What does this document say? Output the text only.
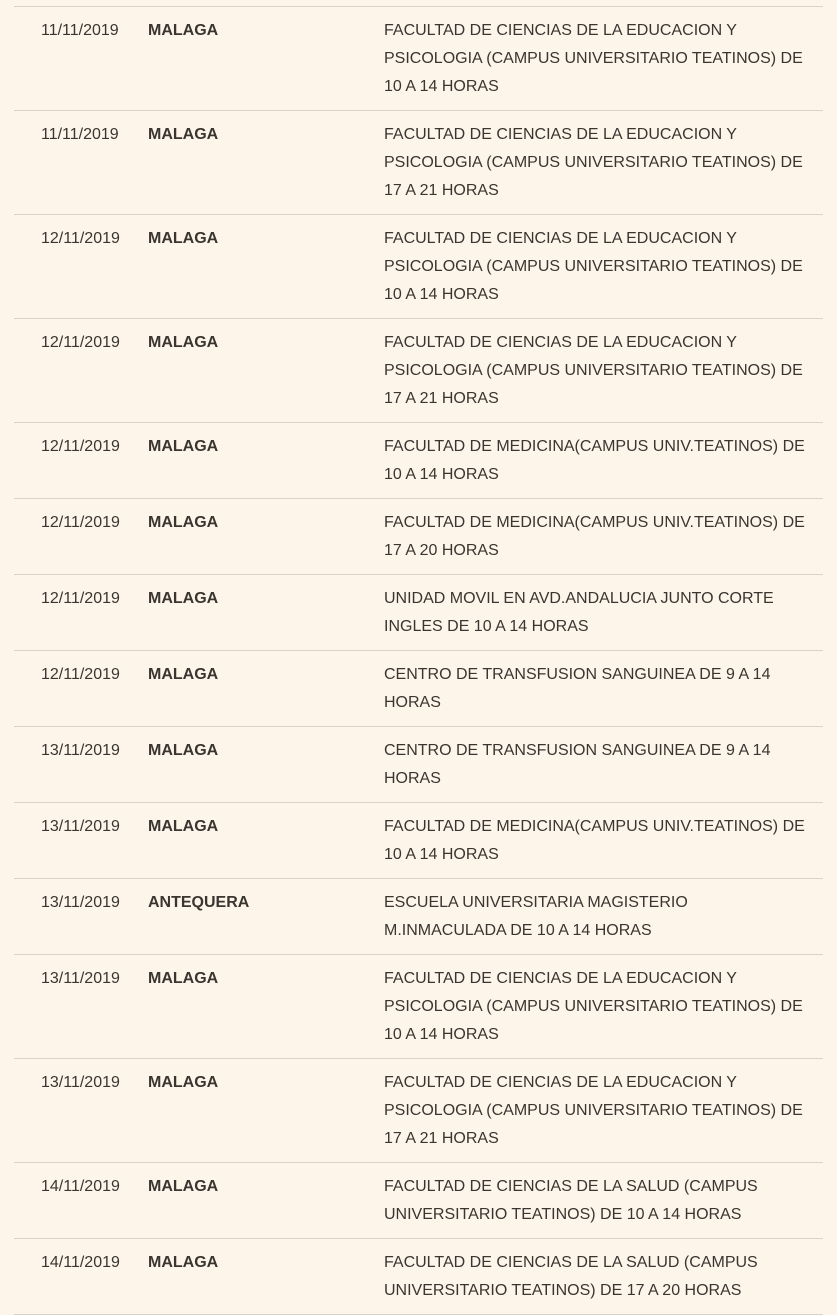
11/11/2019	MALAGA	FACULTAD DE CIENCIAS DE LA EDUCACION Y PSICOLOGIA (CAMPUS UNIVERSITARIO TEATINOS) DE 10 A 14 HORAS
11/11/2019	MALAGA	FACULTAD DE CIENCIAS DE LA EDUCACION Y PSICOLOGIA (CAMPUS UNIVERSITARIO TEATINOS) DE 17 A 21 HORAS
12/11/2019	MALAGA	FACULTAD DE CIENCIAS DE LA EDUCACION Y PSICOLOGIA (CAMPUS UNIVERSITARIO TEATINOS) DE 10 A 14 HORAS
12/11/2019	MALAGA	FACULTAD DE CIENCIAS DE LA EDUCACION Y PSICOLOGIA (CAMPUS UNIVERSITARIO TEATINOS) DE 17 A 21 HORAS
12/11/2019	MALAGA	FACULTAD DE MEDICINA(CAMPUS UNIV.TEATINOS) DE 10 A 14 HORAS
12/11/2019	MALAGA	FACULTAD DE MEDICINA(CAMPUS UNIV.TEATINOS) DE 17 A 20 HORAS
12/11/2019	MALAGA	UNIDAD MOVIL EN AVD.ANDALUCIA JUNTO CORTE INGLES DE 10 A 14 HORAS
12/11/2019	MALAGA	CENTRO DE TRANSFUSION SANGUINEA DE 9 A 14 HORAS
13/11/2019	MALAGA	CENTRO DE TRANSFUSION SANGUINEA DE 9 A 14 HORAS
13/11/2019	MALAGA	FACULTAD DE MEDICINA(CAMPUS UNIV.TEATINOS) DE 10 A 14 HORAS
13/11/2019	ANTEQUERA	ESCUELA UNIVERSITARIA MAGISTERIO M.INMACULADA DE 10 A 14 HORAS
13/11/2019	MALAGA	FACULTAD DE CIENCIAS DE LA EDUCACION Y PSICOLOGIA (CAMPUS UNIVERSITARIO TEATINOS) DE 10 A 14 HORAS
13/11/2019	MALAGA	FACULTAD DE CIENCIAS DE LA EDUCACION Y PSICOLOGIA (CAMPUS UNIVERSITARIO TEATINOS) DE 17 A 21 HORAS
14/11/2019	MALAGA	FACULTAD DE CIENCIAS DE LA SALUD (CAMPUS UNIVERSITARIO TEATINOS) DE 10 A 14 HORAS
14/11/2019	MALAGA	FACULTAD DE CIENCIAS DE LA SALUD (CAMPUS UNIVERSITARIO TEATINOS) DE 17 A 20 HORAS
